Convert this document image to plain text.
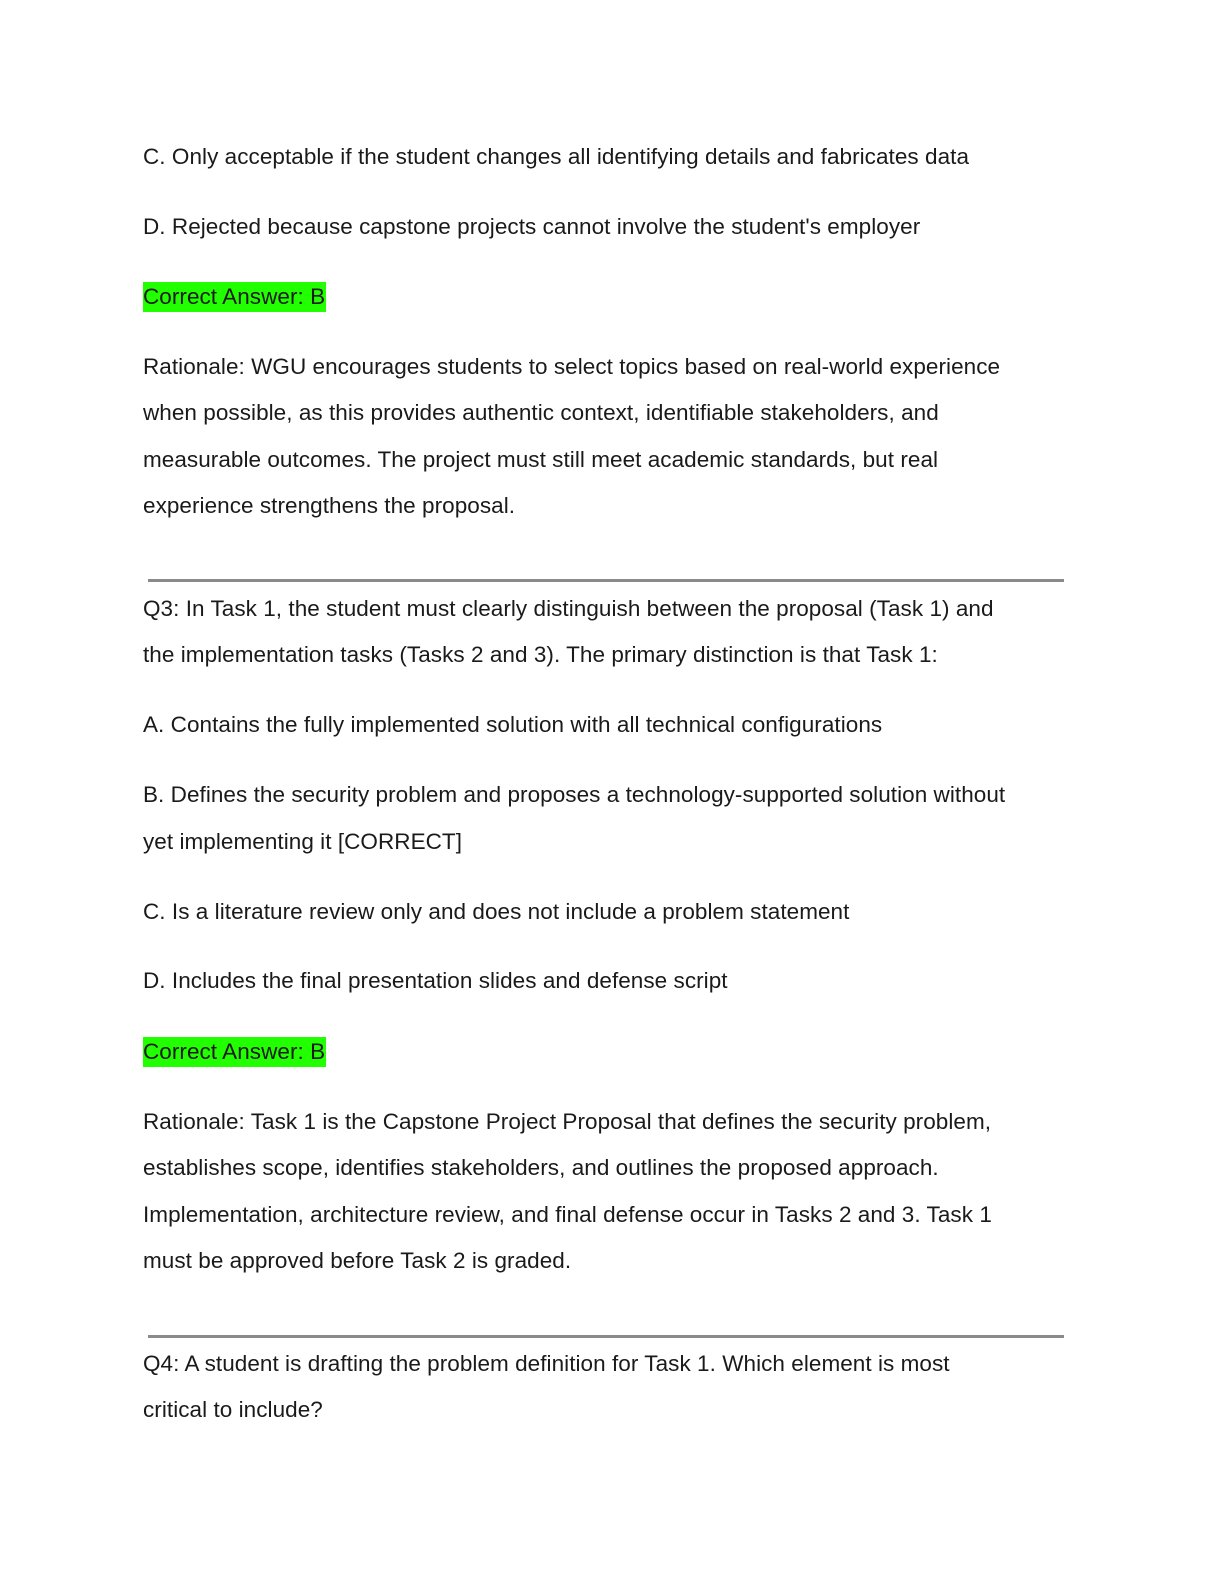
C. Only acceptable if the student changes all identifying details and fabricates data
D. Rejected because capstone projects cannot involve the student's employer
Correct Answer: B
Rationale: WGU encourages students to select topics based on real-world experience
when possible, as this provides authentic context, identifiable stakeholders, and
measurable outcomes. The project must still meet academic standards, but real
experience strengthens the proposal.
Q3: In Task 1, the student must clearly distinguish between the proposal (Task 1) and
the implementation tasks (Tasks 2 and 3). The primary distinction is that Task 1:
A. Contains the fully implemented solution with all technical configurations
B. Defines the security problem and proposes a technology-supported solution without
yet implementing it [CORRECT]
C. Is a literature review only and does not include a problem statement
D. Includes the final presentation slides and defense script
Correct Answer: B
Rationale: Task 1 is the Capstone Project Proposal that defines the security problem,
establishes scope, identifies stakeholders, and outlines the proposed approach.
Implementation, architecture review, and final defense occur in Tasks 2 and 3. Task 1
must be approved before Task 2 is graded.
Q4: A student is drafting the problem definition for Task 1. Which element is most
critical to include?
